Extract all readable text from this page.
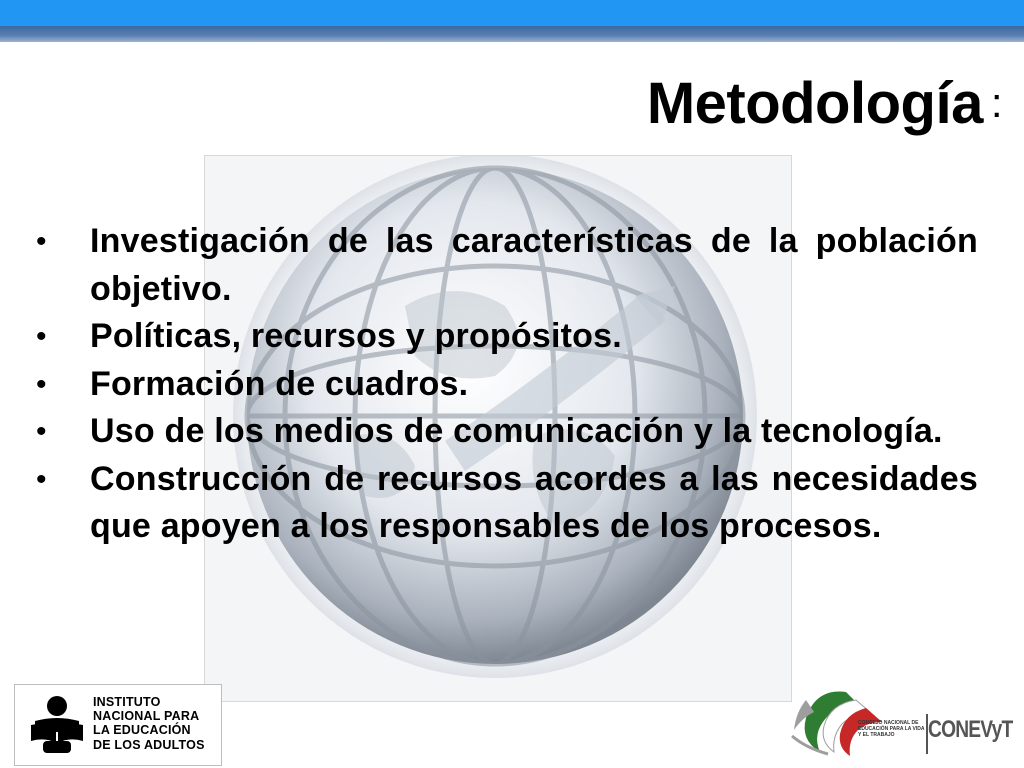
Metodología :
• Investigación de las características de la población objetivo.
• Políticas, recursos y propósitos.
• Formación de cuadros.
• Uso de los medios de comunicación y la tecnología.
• Construcción de recursos acordes a las necesidades que apoyen a los responsables de los procesos.
INSTITUTO
NACIONAL PARA
LA EDUCACIÓN
DE LOS ADULTOS
CONSEJO NACIONAL DE EDUCACIÓN PARA LA VIDA Y EL TRABAJO	CONEVyT
